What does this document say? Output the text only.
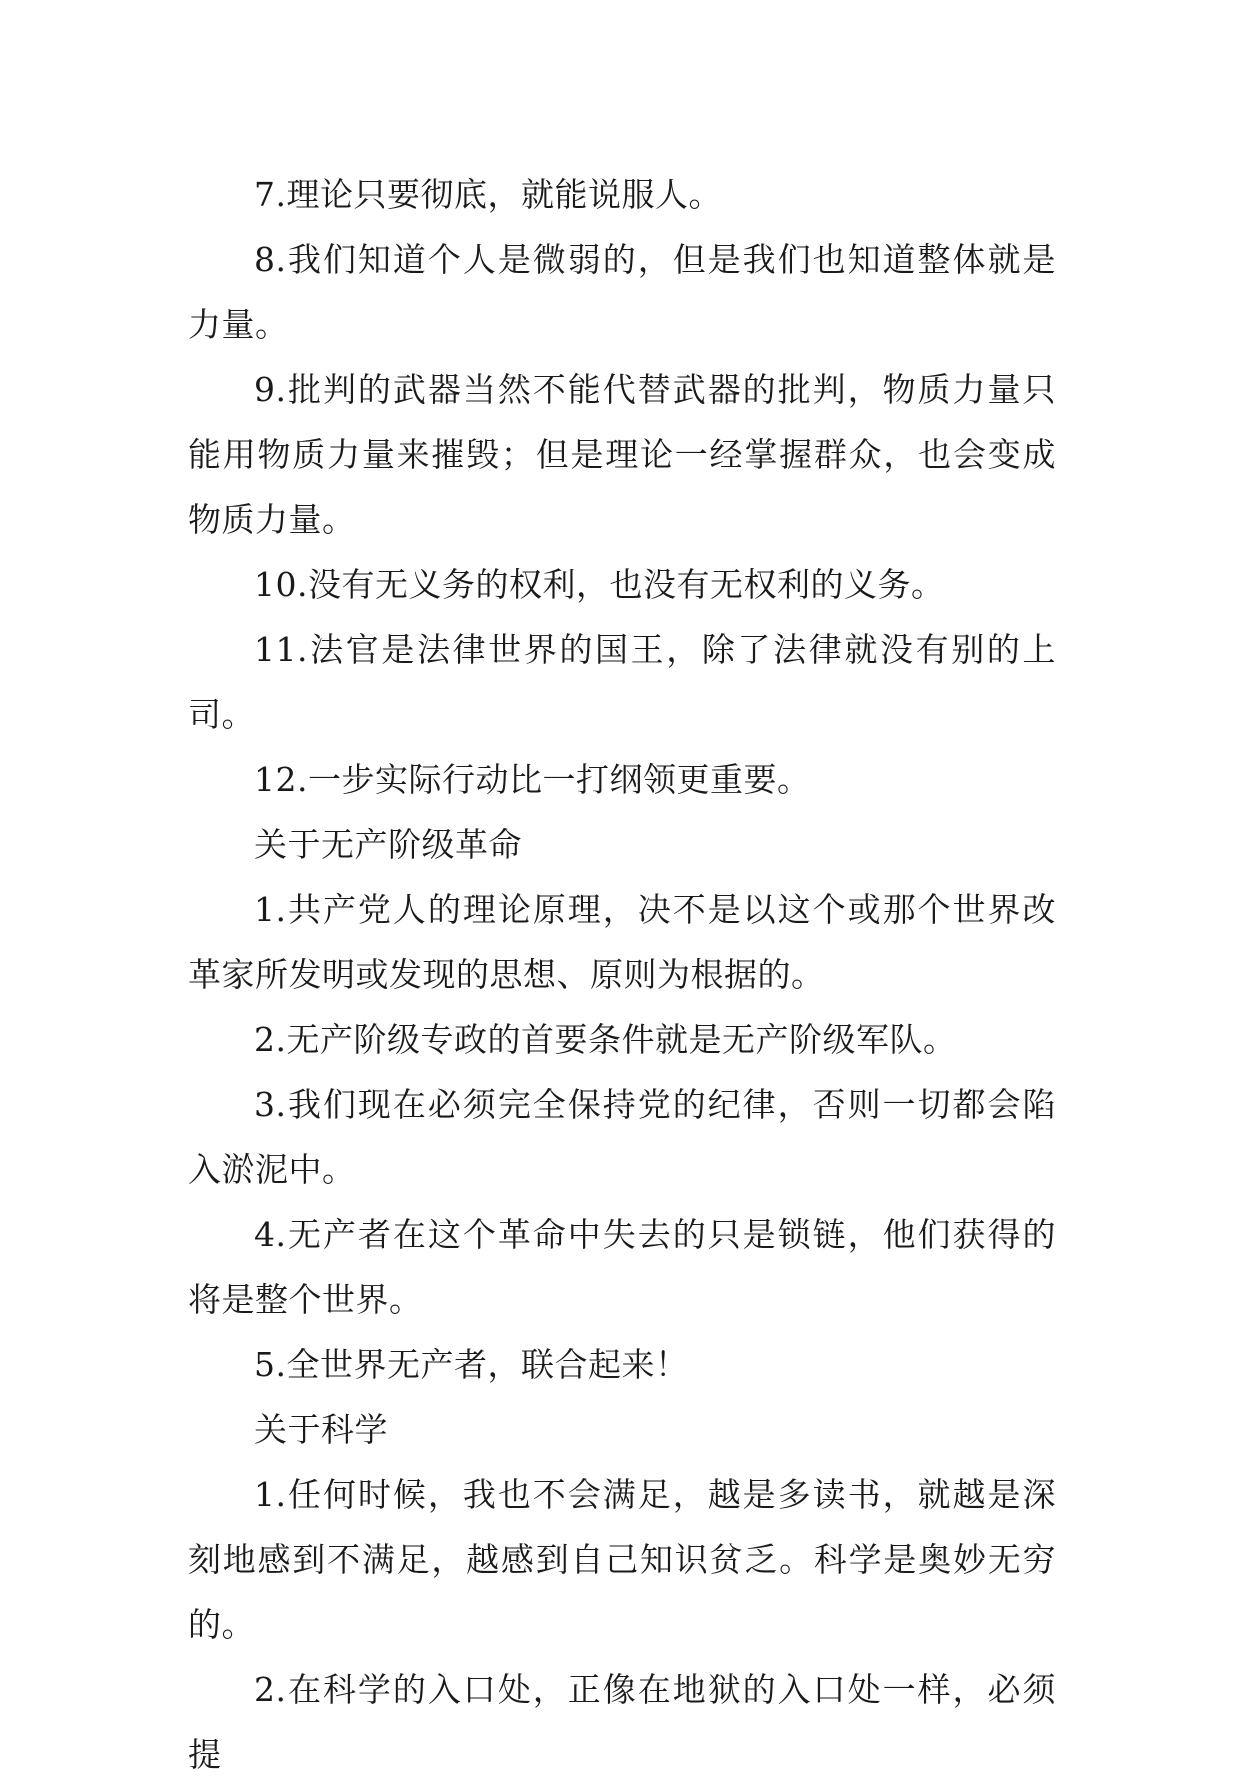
7.理论只要彻底，就能说服人。

8.我们知道个人是微弱的，但是我们也知道整体就是力量。

9.批判的武器当然不能代替武器的批判，物质力量只能用物质力量来摧毁；但是理论一经掌握群众，也会变成物质力量。

10.没有无义务的权利，也没有无权利的义务。

11.法官是法律世界的国王，除了法律就没有别的上司。

12.一步实际行动比一打纲领更重要。

关于无产阶级革命

1.共产党人的理论原理，决不是以这个或那个世界改革家所发明或发现的思想、原则为根据的。

2.无产阶级专政的首要条件就是无产阶级军队。

3.我们现在必须完全保持党的纪律，否则一切都会陷入淤泥中。

4.无产者在这个革命中失去的只是锁链，他们获得的将是整个世界。

5.全世界无产者，联合起来！

关于科学

1.任何时候，我也不会满足，越是多读书，就越是深刻地感到不满足，越感到自己知识贫乏。科学是奥妙无穷的。

2.在科学的入口处，正像在地狱的入口处一样，必须提
